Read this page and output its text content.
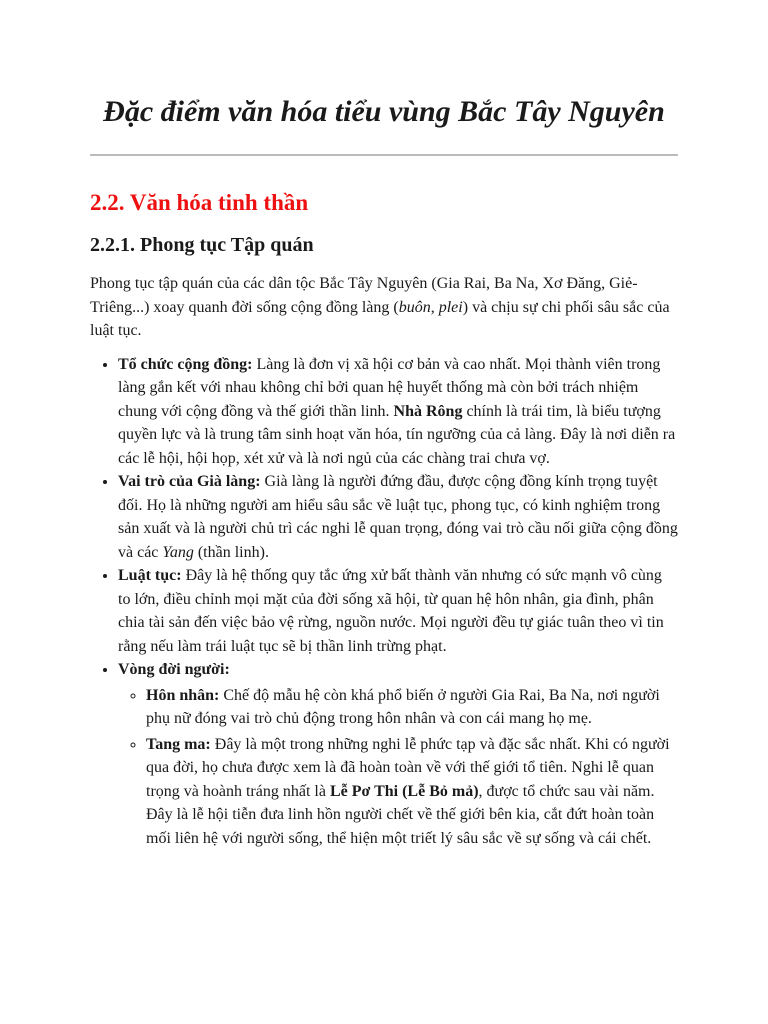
Đặc điểm văn hóa tiểu vùng Bắc Tây Nguyên
2.2. Văn hóa tinh thần
2.2.1. Phong tục Tập quán

Phong tục tập quán của các dân tộc Bắc Tây Nguyên (Gia Rai, Ba Na, Xơ Đăng, Giẻ-Triêng...) xoay quanh đời sống cộng đồng làng (buôn, plei) và chịu sự chi phối sâu sắc của luật tục.

• Tổ chức cộng đồng: Làng là đơn vị xã hội cơ bản và cao nhất. Mọi thành viên trong làng gắn kết với nhau không chỉ bởi quan hệ huyết thống mà còn bởi trách nhiệm chung với cộng đồng và thế giới thần linh. Nhà Rông chính là trái tim, là biểu tượng quyền lực và là trung tâm sinh hoạt văn hóa, tín ngưỡng của cả làng. Đây là nơi diễn ra các lễ hội, hội họp, xét xử và là nơi ngủ của các chàng trai chưa vợ.
• Vai trò của Già làng: Già làng là người đứng đầu, được cộng đồng kính trọng tuyệt đối. Họ là những người am hiểu sâu sắc về luật tục, phong tục, có kinh nghiệm trong sản xuất và là người chủ trì các nghi lễ quan trọng, đóng vai trò cầu nối giữa cộng đồng và các Yang (thần linh).
• Luật tục: Đây là hệ thống quy tắc ứng xử bất thành văn nhưng có sức mạnh vô cùng to lớn, điều chỉnh mọi mặt của đời sống xã hội, từ quan hệ hôn nhân, gia đình, phân chia tài sản đến việc bảo vệ rừng, nguồn nước. Mọi người đều tự giác tuân theo vì tin rằng nếu làm trái luật tục sẽ bị thần linh trừng phạt.
• Vòng đời người:
◦ Hôn nhân: Chế độ mẫu hệ còn khá phổ biến ở người Gia Rai, Ba Na, nơi người phụ nữ đóng vai trò chủ động trong hôn nhân và con cái mang họ mẹ.
◦ Tang ma: Đây là một trong những nghi lễ phức tạp và đặc sắc nhất. Khi có người qua đời, họ chưa được xem là đã hoàn toàn về với thế giới tổ tiên. Nghi lễ quan trọng và hoành tráng nhất là Lễ Pơ Thi (Lễ Bỏ mả), được tổ chức sau vài năm. Đây là lễ hội tiễn đưa linh hồn người chết về thế giới bên kia, cắt đứt hoàn toàn mối liên hệ với người sống, thể hiện một triết lý sâu sắc về sự sống và cái chết.
